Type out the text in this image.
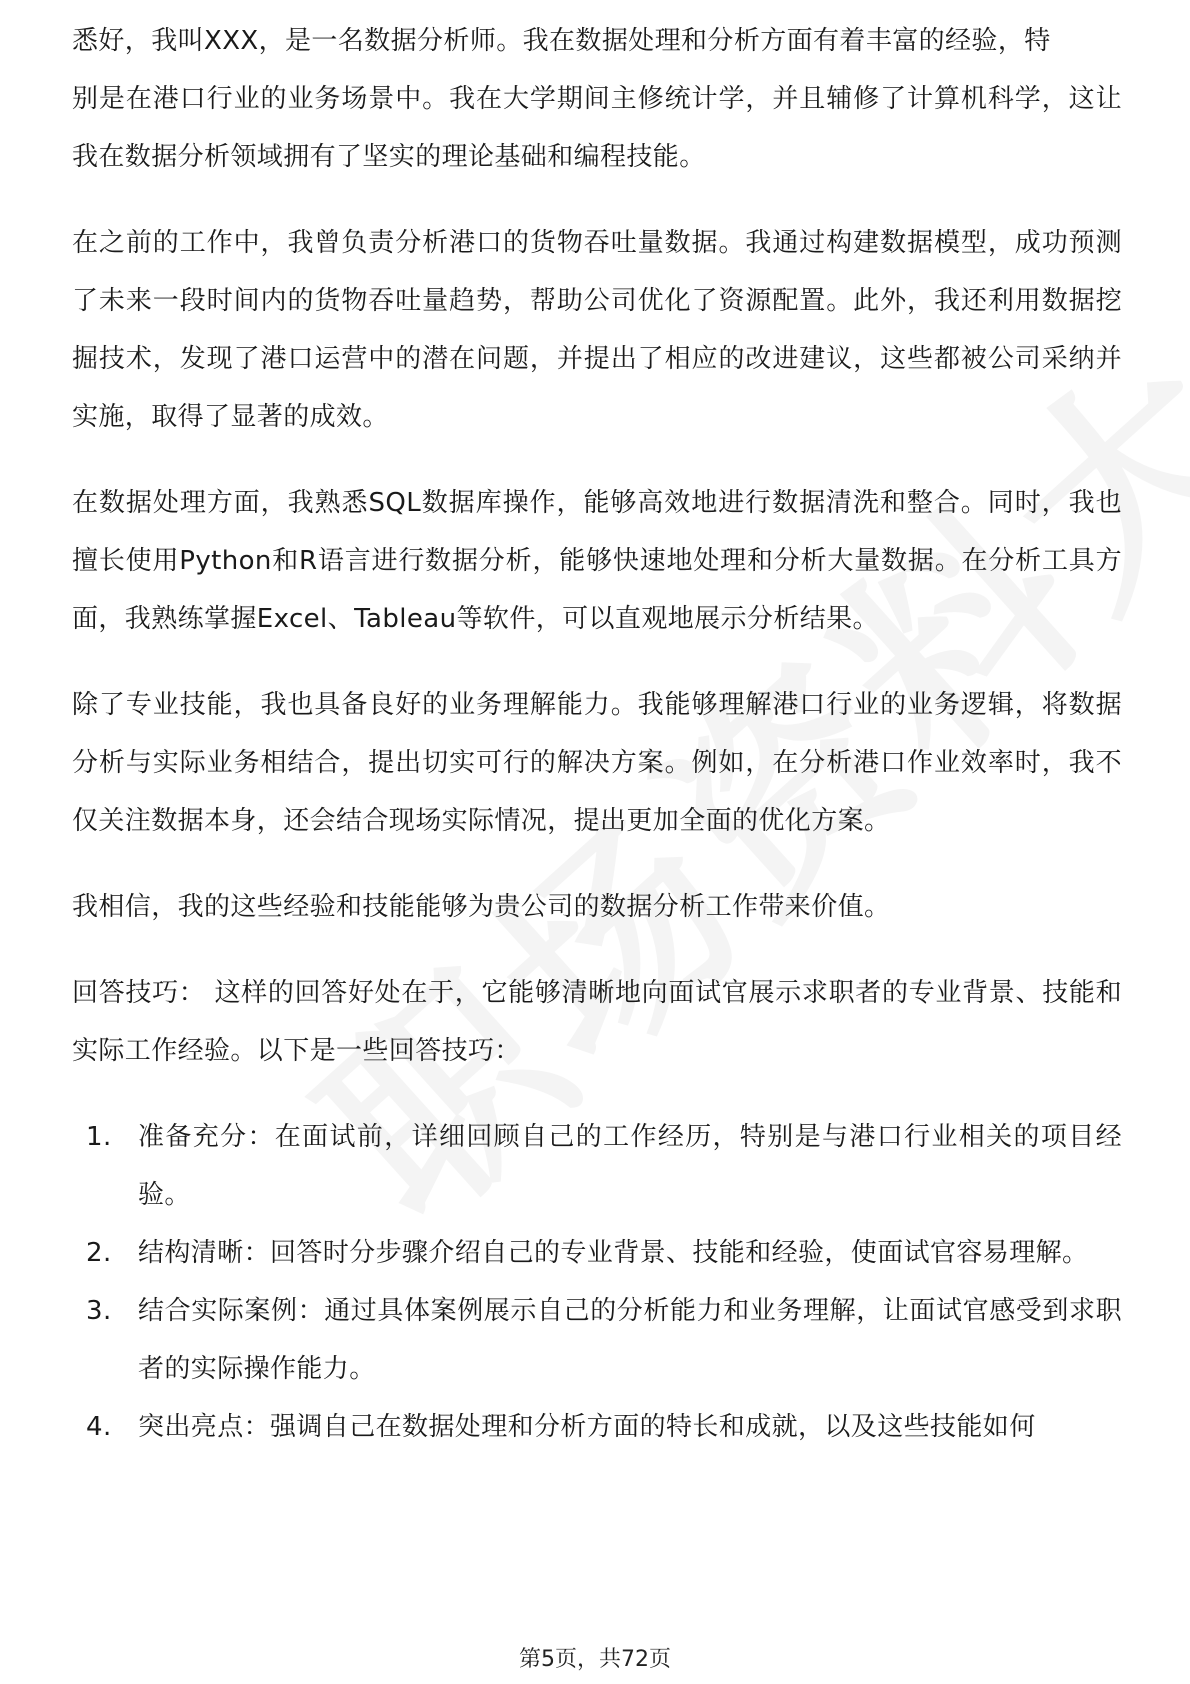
悉好，我叫XXX，是一名数据分析师。我在数据处理和分析方面有着丰富的经验，特

别是在港口行业的业务场景中。我在大学期间主修统计学，并且辅修了计算机科学，这让我在数据分析领域拥有了坚实的理论基础和编程技能。

在之前的工作中，我曾负责分析港口的货物吞吐量数据。我通过构建数据模型，成功预测了未来一段时间内的货物吞吐量趋势，帮助公司优化了资源配置。此外，我还利用数据挖掘技术，发现了港口运营中的潜在问题，并提出了相应的改进建议，这些都被公司采纳并实施，取得了显著的成效。

在数据处理方面，我熟悉SQL数据库操作，能够高效地进行数据清洗和整合。同时，我也擅长使用Python和R语言进行数据分析，能够快速地处理和分析大量数据。在分析工具方面，我熟练掌握Excel、Tableau等软件，可以直观地展示分析结果。

除了专业技能，我也具备良好的业务理解能力。我能够理解港口行业的业务逻辑，将数据分析与实际业务相结合，提出切实可行的解决方案。例如，在分析港口作业效率时，我不仅关注数据本身，还会结合现场实际情况，提出更加全面的优化方案。

我相信，我的这些经验和技能能够为贵公司的数据分析工作带来价值。

回答技巧： 这样的回答好处在于，它能够清晰地向面试官展示求职者的专业背景、技能和实际工作经验。以下是一些回答技巧：

1. 准备充分：在面试前，详细回顾自己的工作经历，特别是与港口行业相关的项目经验。
2. 结构清晰：回答时分步骤介绍自己的专业背景、技能和经验，使面试官容易理解。
3. 结合实际案例：通过具体案例展示自己的分析能力和业务理解，让面试官感受到求职者的实际操作能力。
4. 突出亮点：强调自己在数据处理和分析方面的特长和成就，以及这些技能如何
第5页，共72页
